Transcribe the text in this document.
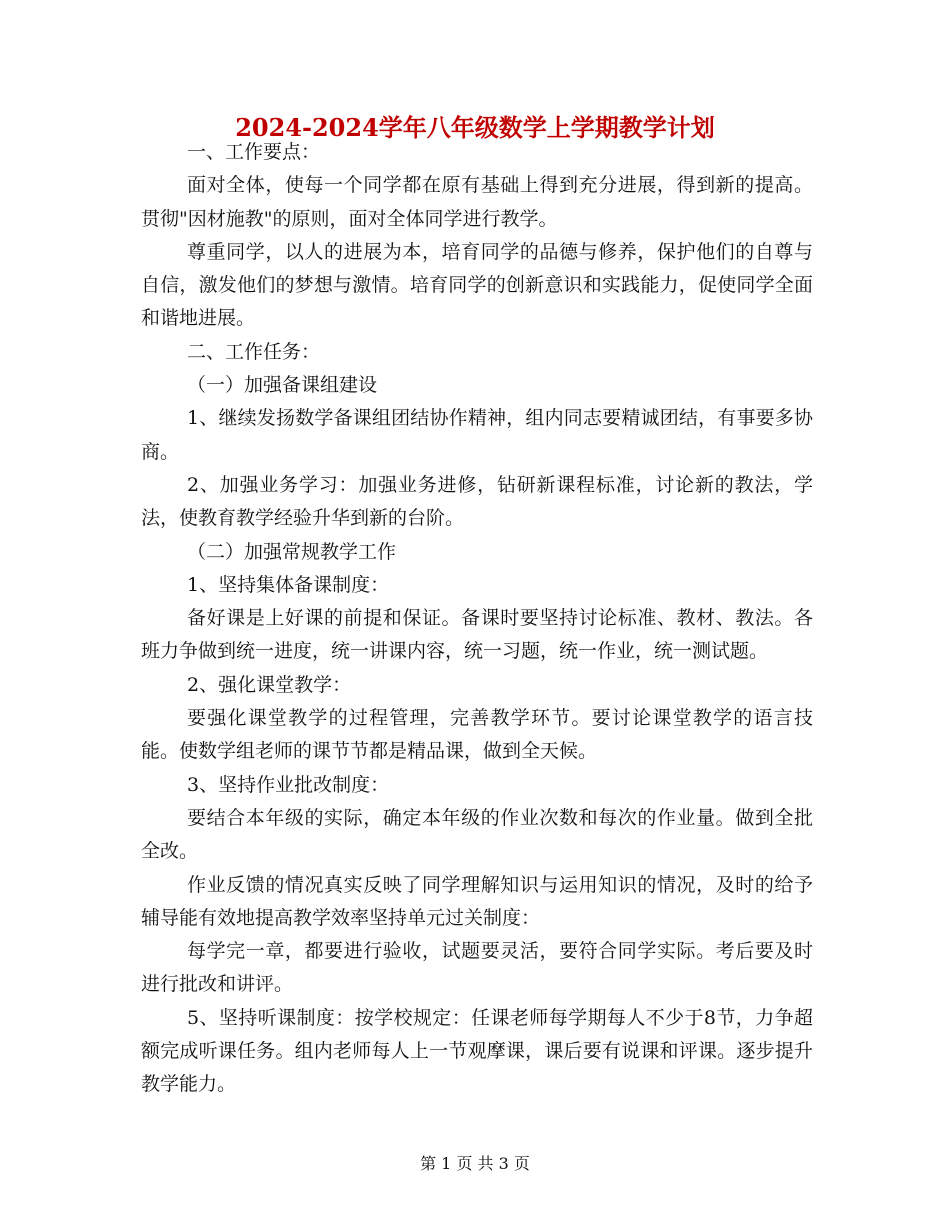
2024-2024学年八年级数学上学期教学计划

一、工作要点：

面对全体，使每一个同学都在原有基础上得到充分进展，得到新的提高。贯彻"因材施教"的原则，面对全体同学进行教学。

尊重同学，以人的进展为本，培育同学的品德与修养，保护他们的自尊与自信，激发他们的梦想与激情。培育同学的创新意识和实践能力，促使同学全面和谐地进展。

二、工作任务：

（一）加强备课组建设

1、继续发扬数学备课组团结协作精神，组内同志要精诚团结，有事要多协商。

2、加强业务学习：加强业务进修，钻研新课程标准，讨论新的教法，学法，使教育教学经验升华到新的台阶。

（二）加强常规教学工作

1、坚持集体备课制度：

备好课是上好课的前提和保证。备课时要坚持讨论标准、教材、教法。各班力争做到统一进度，统一讲课内容，统一习题，统一作业，统一测试题。

2、强化课堂教学：

要强化课堂教学的过程管理，完善教学环节。要讨论课堂教学的语言技能。使数学组老师的课节节都是精品课，做到全天候。

3、坚持作业批改制度：

要结合本年级的实际，确定本年级的作业次数和每次的作业量。做到全批全改。

作业反馈的情况真实反映了同学理解知识与运用知识的情况，及时的给予辅导能有效地提高教学效率坚持单元过关制度：

每学完一章，都要进行验收，试题要灵活，要符合同学实际。考后要及时进行批改和讲评。

5、坚持听课制度：按学校规定：任课老师每学期每人不少于8节，力争超额完成听课任务。组内老师每人上一节观摩课，课后要有说课和评课。逐步提升教学能力。

第 1 页 共 3 页
